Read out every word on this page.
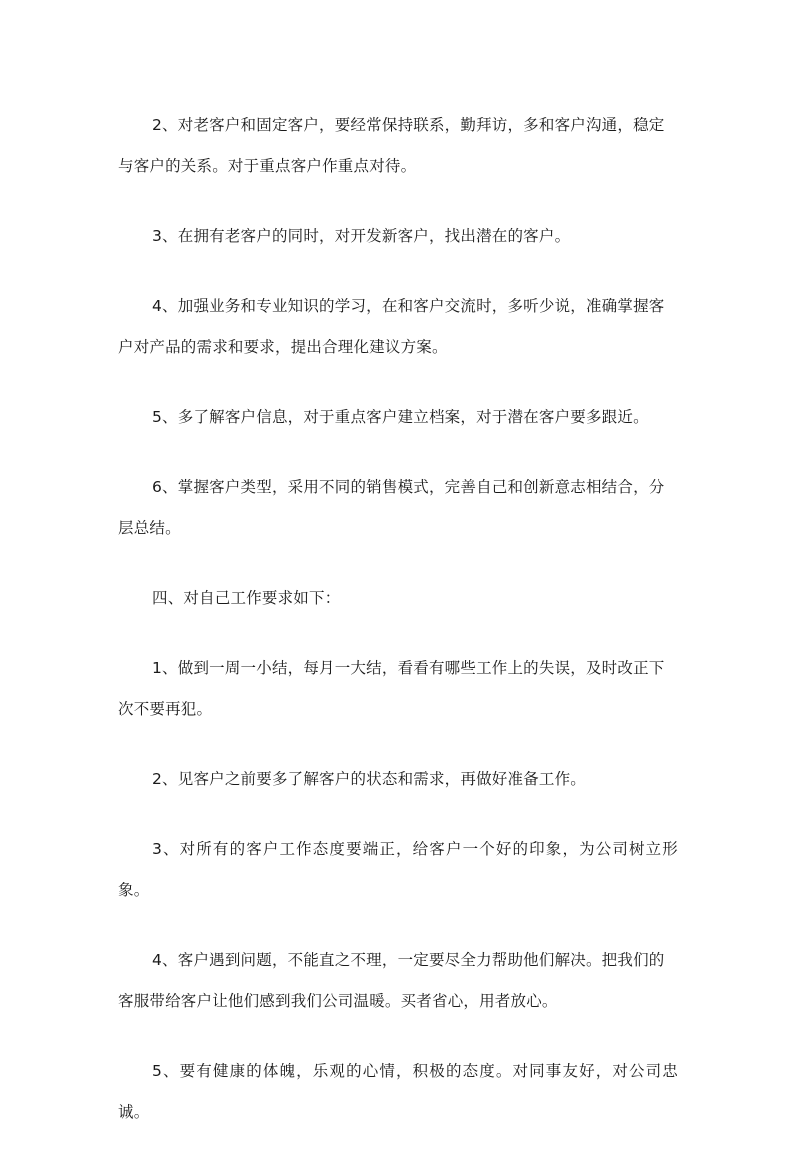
2、对老客户和固定客户，要经常保持联系，勤拜访，多和客户沟通，稳定
与客户的关系。对于重点客户作重点对待。

3、在拥有老客户的同时，对开发新客户，找出潜在的客户。

4、加强业务和专业知识的学习，在和客户交流时，多听少说，准确掌握客
户对产品的需求和要求，提出合理化建议方案。

5、多了解客户信息，对于重点客户建立档案，对于潜在客户要多跟近。

6、掌握客户类型，采用不同的销售模式，完善自己和创新意志相结合，分
层总结。

四、对自己工作要求如下：

1、做到一周一小结，每月一大结，看看有哪些工作上的失误，及时改正下
次不要再犯。

2、见客户之前要多了解客户的状态和需求，再做好准备工作。

3、对所有的客户工作态度要端正，给客户一个好的印象，为公司树立形象。

4、客户遇到问题，不能直之不理，一定要尽全力帮助他们解决。把我们的
客服带给客户让他们感到我们公司温暖。买者省心，用者放心。

5、要有健康的体魄，乐观的心情，积极的态度。对同事友好，对公司忠诚。
